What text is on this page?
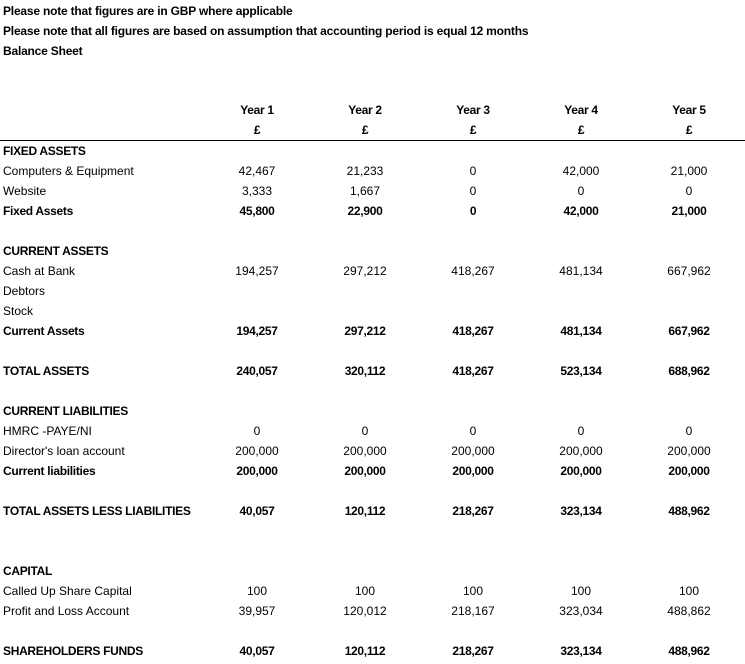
Please note that figures are in GBP where applicable
Please note that all figures are based on assumption that accounting period is equal 12 months
Balance Sheet
Year 1	Year 2	Year 3	Year 4	Year 5
£	£	£	£	£
FIXED ASSETS
Computers & Equipment	42,467	21,233	0	42,000	21,000
Website	3,333	1,667	0	0	0
Fixed Assets	45,800	22,900	0	42,000	21,000
CURRENT ASSETS
Cash at Bank	194,257	297,212	418,267	481,134	667,962
Debtors
Stock
Current Assets	194,257	297,212	418,267	481,134	667,962
TOTAL ASSETS	240,057	320,112	418,267	523,134	688,962
CURRENT LIABILITIES
HMRC -PAYE/NI	0	0	0	0	0
Director's loan account	200,000	200,000	200,000	200,000	200,000
Current liabilities	200,000	200,000	200,000	200,000	200,000
TOTAL ASSETS LESS LIABILITIES	40,057	120,112	218,267	323,134	488,962
CAPITAL
Called Up Share Capital	100	100	100	100	100
Profit and Loss Account	39,957	120,012	218,167	323,034	488,862
SHAREHOLDERS FUNDS	40,057	120,112	218,267	323,134	488,962
